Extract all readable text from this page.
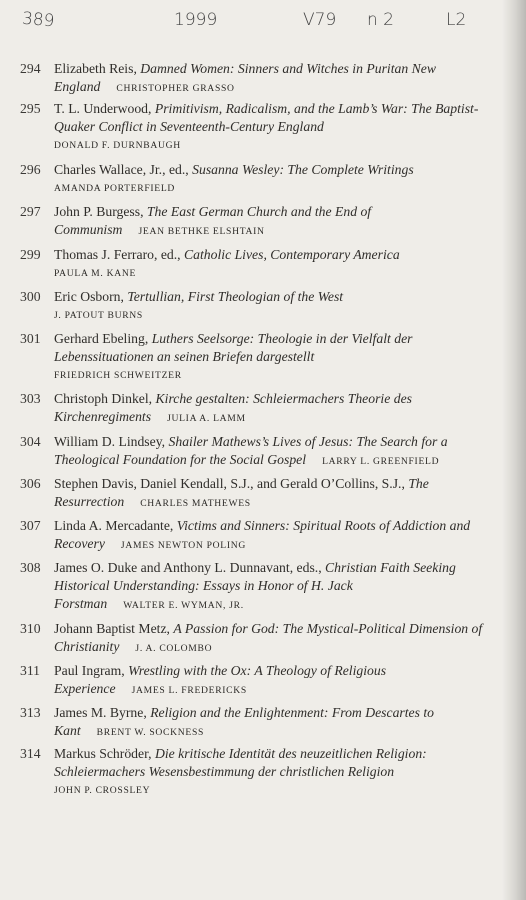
389	1999	V79 n 2	L2
294 Elizabeth Reis, Damned Women: Sinners and Witches in Puritan New England CHRISTOPHER GRASSO
295 T. L. Underwood, Primitivism, Radicalism, and the Lamb’s War: The Baptist-Quaker Conflict in Seventeenth-Century England
DONALD F. DURNBAUGH
296 Charles Wallace, Jr., ed., Susanna Wesley: The Complete Writings
AMANDA PORTERFIELD
297 John P. Burgess, The East German Church and the End of Communism JEAN BETHKE ELSHTAIN
299 Thomas J. Ferraro, ed., Catholic Lives, Contemporary America
PAULA M. KANE
300 Eric Osborn, Tertullian, First Theologian of the West
J. PATOUT BURNS
301 Gerhard Ebeling, Luthers Seelsorge: Theologie in der Vielfalt der Lebenssituationen an seinen Briefen dargestellt
FRIEDRICH SCHWEITZER
303 Christoph Dinkel, Kirche gestalten: Schleiermachers Theorie des Kirchenregiments JULIA A. LAMM
304 William D. Lindsey, Shailer Mathews’s Lives of Jesus: The Search for a Theological Foundation for the Social Gospel LARRY L. GREENFIELD
306 Stephen Davis, Daniel Kendall, S.J., and Gerald O’Collins, S.J., The Resurrection CHARLES MATHEWES
307 Linda A. Mercadante, Victims and Sinners: Spiritual Roots of Addiction and Recovery JAMES NEWTON POLING
308 James O. Duke and Anthony L. Dunnavant, eds., Christian Faith Seeking Historical Understanding: Essays in Honor of H. Jack Forstman WALTER E. WYMAN, JR.
310 Johann Baptist Metz, A Passion for God: The Mystical-Political Dimension of Christianity J. A. COLOMBO
311	Paul Ingram, Wrestling with the Ox: A Theology of Religious Experience JAMES L. FREDERICKS
313 James M. Byrne, Religion and the Enlightenment: From Descartes to Kant BRENT W. SOCKNESS
314 Markus Schröder, Die kritische Identität des neuzeitlichen Religion: Schleiermachers Wesensbestimmung der christlichen Religion
JOHN P. CROSSLEY
